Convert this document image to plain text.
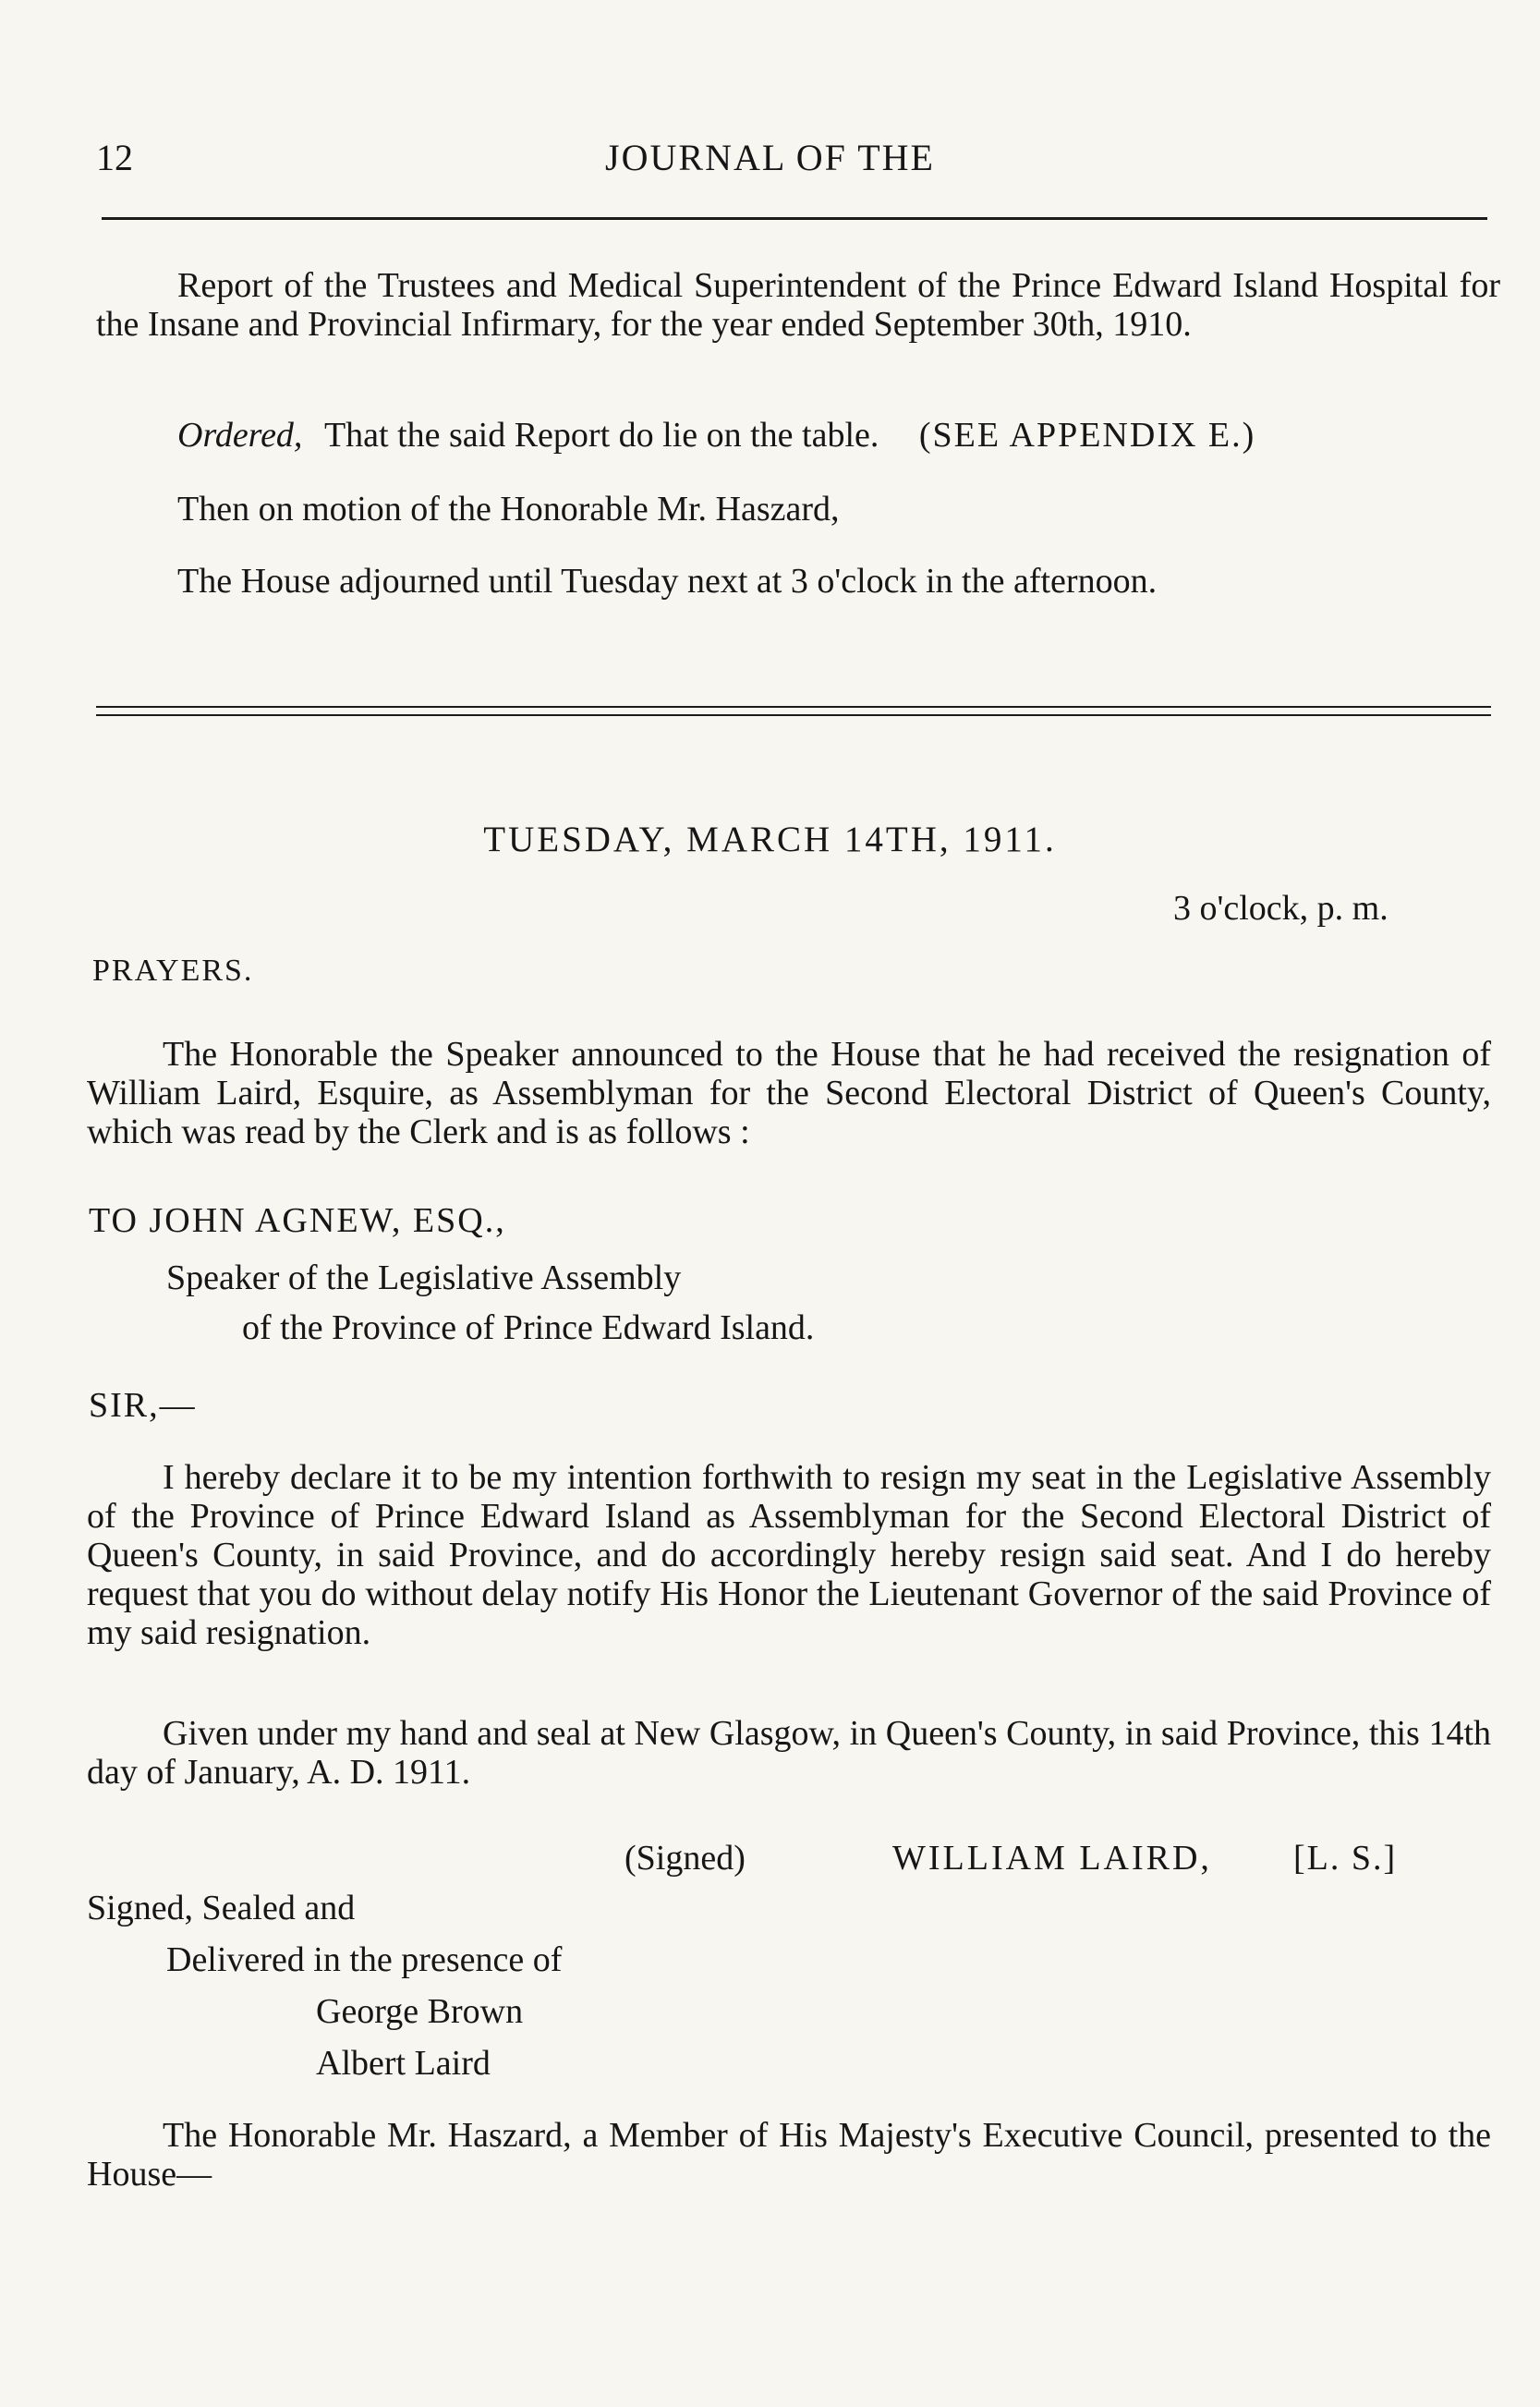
12	JOURNAL OF THE
Report of the Trustees and Medical Superintendent of the Prince Edward Island Hospital for the Insane and Provincial Infirmary, for the year ended September 30th, 1910.
Ordered, That the said Report do lie on the table. (SEE APPENDIX E.)
Then on motion of the Honorable Mr. Haszard,
The House adjourned until Tuesday next at 3 o'clock in the afternoon.
TUESDAY, MARCH 14TH, 1911.
3 o'clock, p. m.
PRAYERS.
The Honorable the Speaker announced to the House that he had received the resignation of William Laird, Esquire, as Assemblyman for the Second Electoral District of Queen's County, which was read by the Clerk and is as follows :
TO JOHN AGNEW, ESQ.,
Speaker of the Legislative Assembly
of the Province of Prince Edward Island.
SIR,—
I hereby declare it to be my intention forthwith to resign my seat in the Legislative Assembly of the Province of Prince Edward Island as Assemblyman for the Second Electoral District of Queen's County, in said Province, and do accordingly hereby resign said seat. And I do hereby request that you do without delay notify His Honor the Lieutenant Governor of the said Province of my said resignation.
Given under my hand and seal at New Glasgow, in Queen's County, in said Province, this 14th day of January, A. D. 1911.
(Signed)	WILLIAM LAIRD, [L. S.]
Signed, Sealed and
Delivered in the presence of
George Brown
Albert Laird
The Honorable Mr. Haszard, a Member of His Majesty's Executive Council, presented to the House—
